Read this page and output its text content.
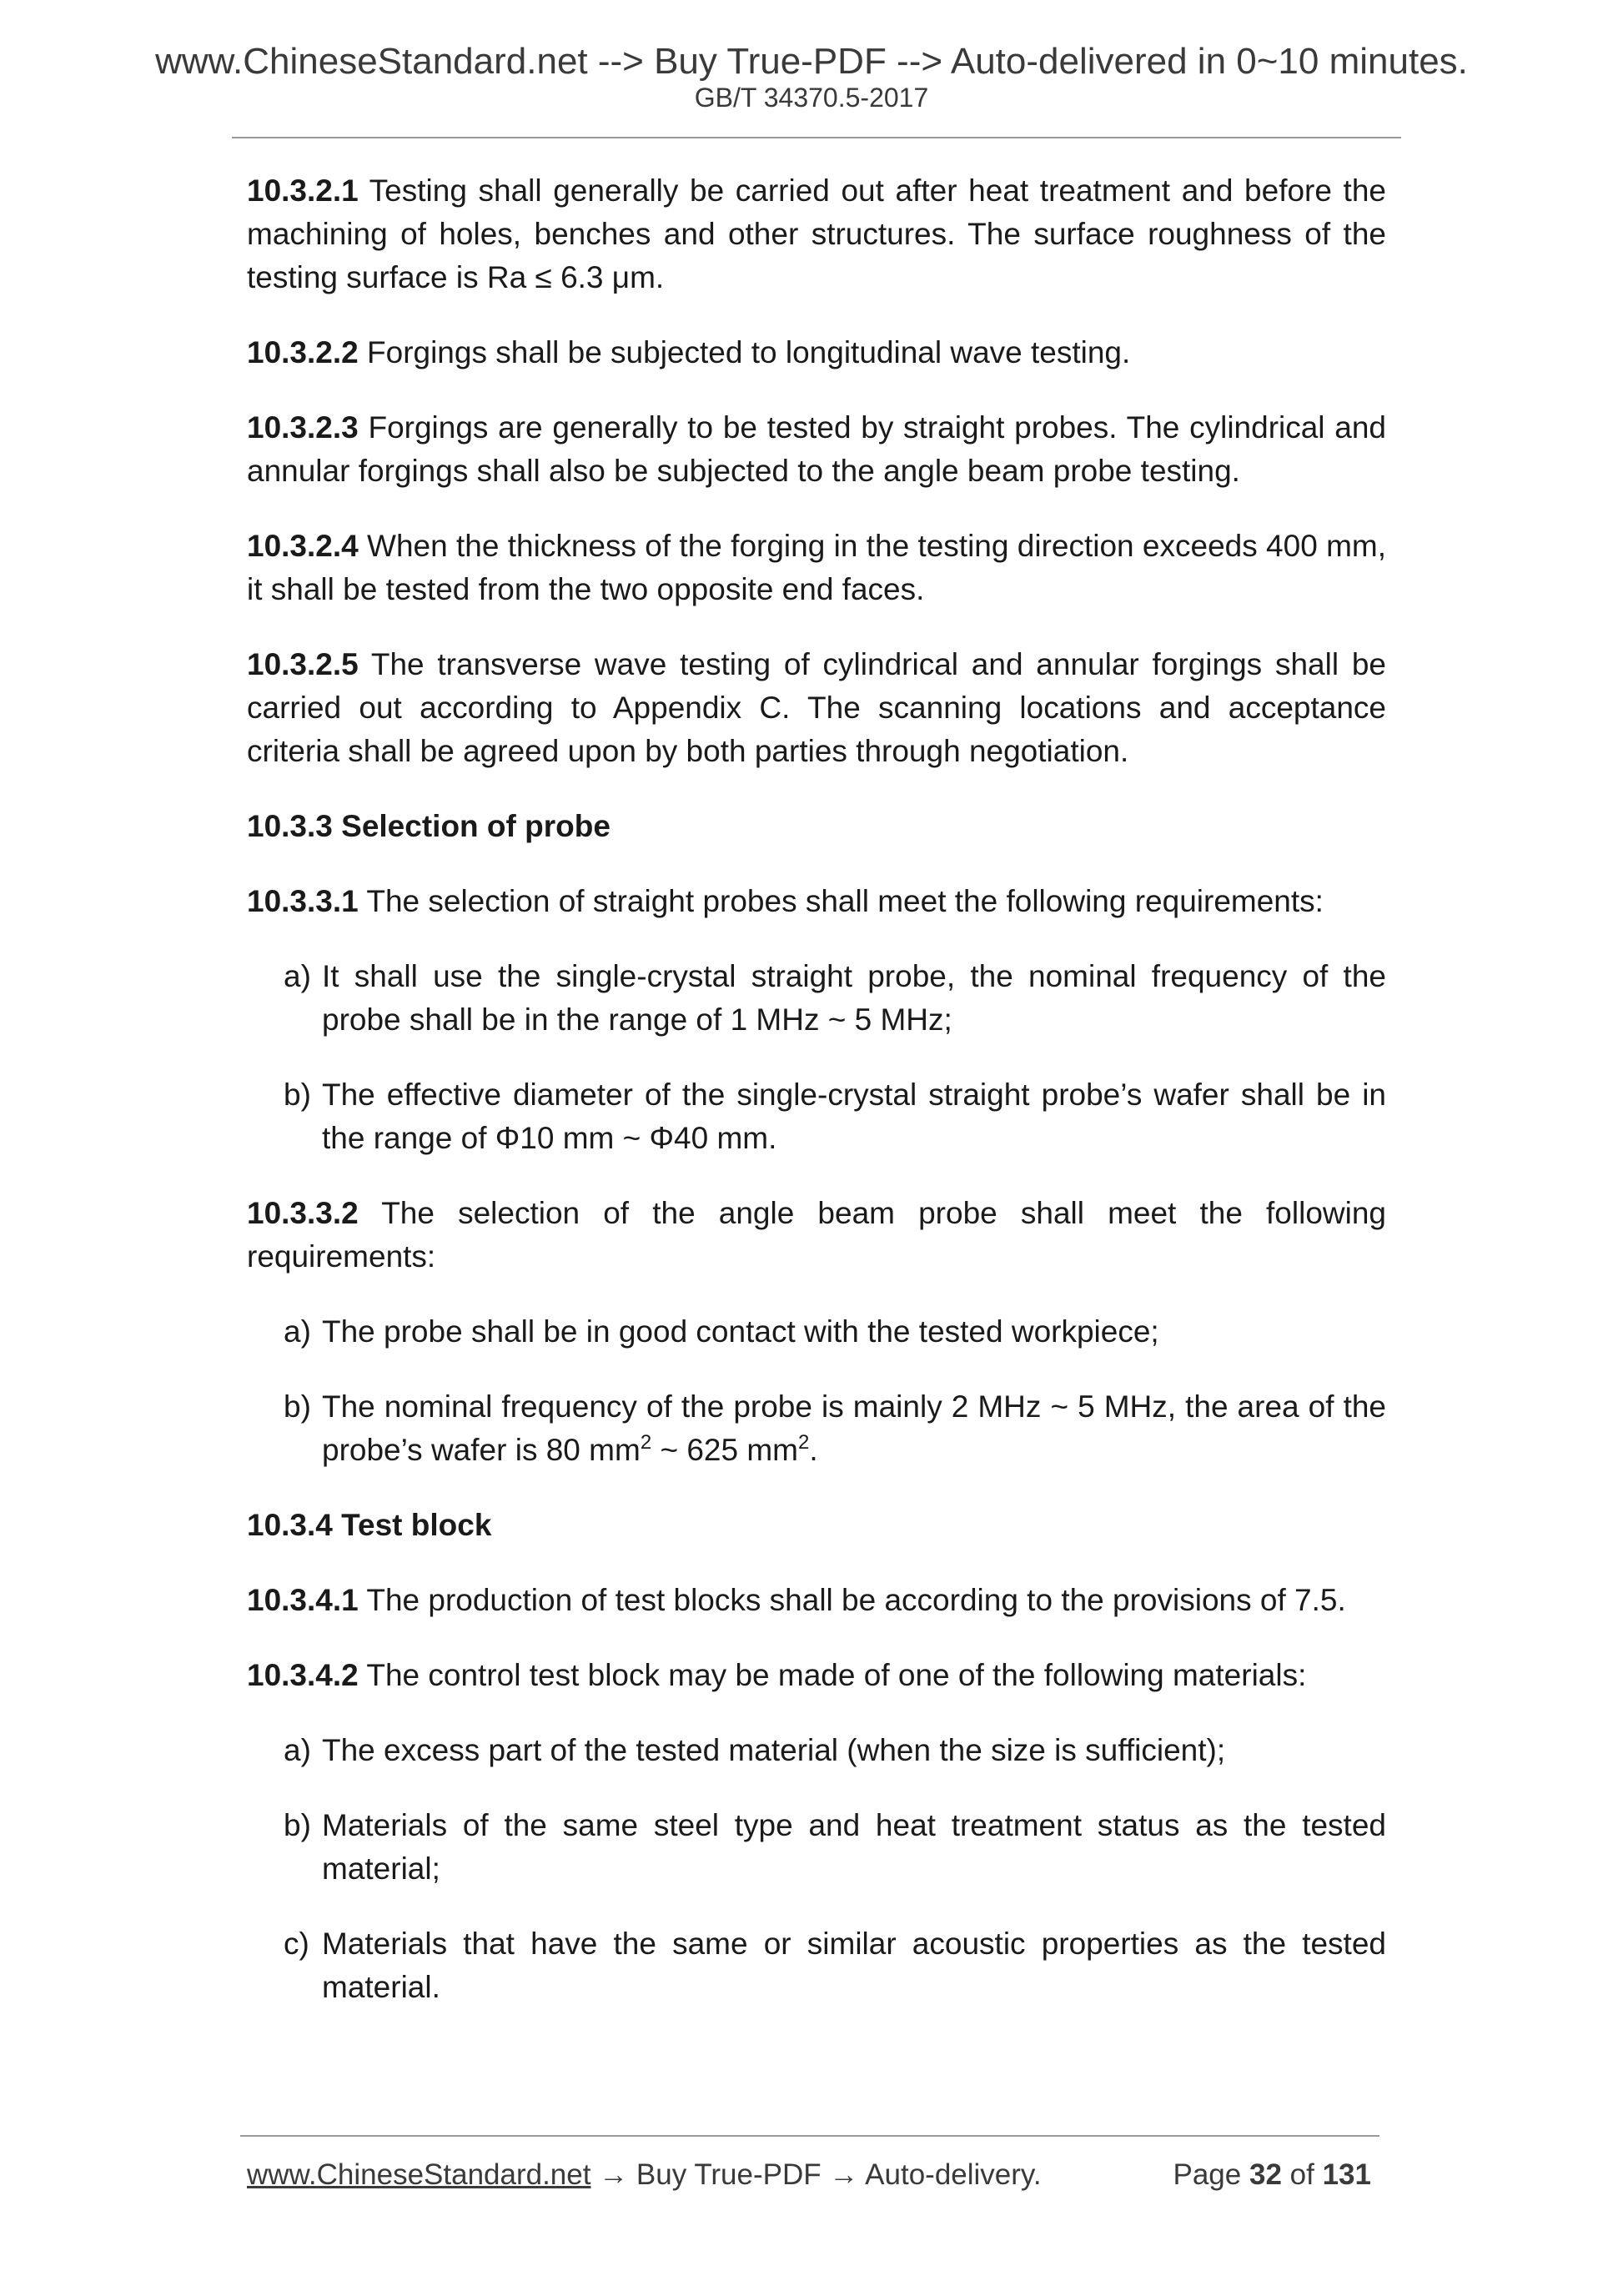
www.ChineseStandard.net --> Buy True-PDF --> Auto-delivered in 0~10 minutes.
GB/T 34370.5-2017

10.3.2.1 Testing shall generally be carried out after heat treatment and before the machining of holes, benches and other structures. The surface roughness of the testing surface is Ra ≤ 6.3 μm.

10.3.2.2 Forgings shall be subjected to longitudinal wave testing.

10.3.2.3 Forgings are generally to be tested by straight probes. The cylindrical and annular forgings shall also be subjected to the angle beam probe testing.

10.3.2.4 When the thickness of the forging in the testing direction exceeds 400 mm, it shall be tested from the two opposite end faces.

10.3.2.5 The transverse wave testing of cylindrical and annular forgings shall be carried out according to Appendix C. The scanning locations and acceptance criteria shall be agreed upon by both parties through negotiation.

10.3.3 Selection of probe

10.3.3.1 The selection of straight probes shall meet the following requirements:

a) It shall use the single-crystal straight probe, the nominal frequency of the probe shall be in the range of 1 MHz ~ 5 MHz;

b) The effective diameter of the single-crystal straight probe’s wafer shall be in the range of Φ10 mm ~ Φ40 mm.

10.3.3.2 The selection of the angle beam probe shall meet the following requirements:

a) The probe shall be in good contact with the tested workpiece;

b) The nominal frequency of the probe is mainly 2 MHz ~ 5 MHz, the area of the probe’s wafer is 80 $mm^2$ ~ 625 $mm^2$.

10.3.4 Test block

10.3.4.1 The production of test blocks shall be according to the provisions of 7.5.

10.3.4.2 The control test block may be made of one of the following materials:

a) The excess part of the tested material (when the size is sufficient);

b) Materials of the same steel type and heat treatment status as the tested material;

c) Materials that have the same or similar acoustic properties as the tested material.

www.ChineseStandard.net → Buy True-PDF → Auto-delivery.	Page 32 of 131
